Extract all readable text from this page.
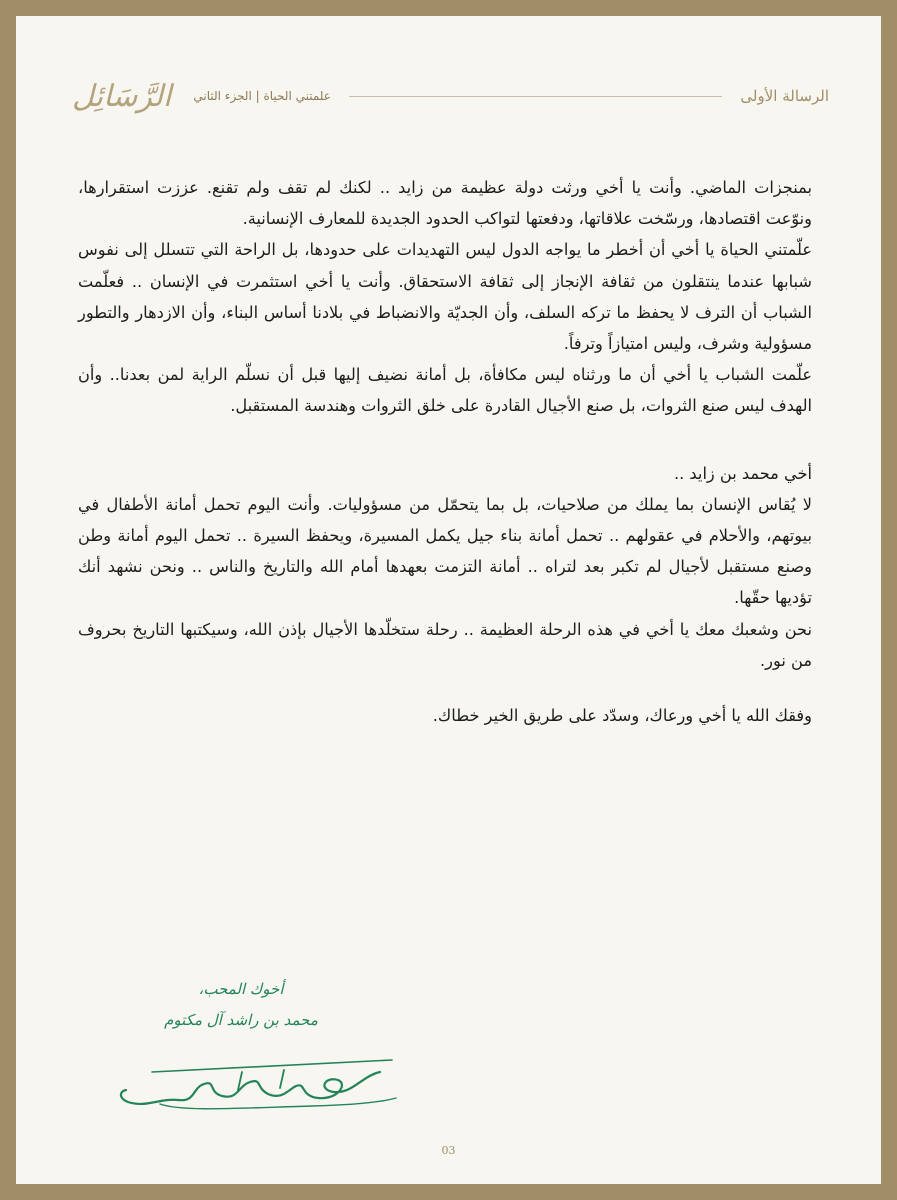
الرسالة الأولى
علمتني الحياة | الجزء الثاني
الرَّسَائِل

بمنجزات الماضي. وأنت يا أخي ورثت دولة عظيمة من زايد .. لكنك لم تقف ولم تقنع. عززت استقرارها، ونوّعت اقتصادها، ورسّخت علاقاتها، ودفعتها لتواكب الحدود الجديدة للمعارف الإنسانية.

علّمتني الحياة يا أخي أن أخطر ما يواجه الدول ليس التهديدات على حدودها، بل الراحة التي تتسلل إلى نفوس شبابها عندما ينتقلون من ثقافة الإنجاز إلى ثقافة الاستحقاق. وأنت يا أخي استثمرت في الإنسان .. فعلّمت الشباب أن الترف لا يحفظ ما تركه السلف، وأن الجديّة والانضباط في بلادنا أساس البناء، وأن الازدهار والتطور مسؤولية وشرف، وليس امتيازاً وترفاً.

علّمت الشباب يا أخي أن ما ورثناه ليس مكافأة، بل أمانة نضيف إليها قبل أن نسلّم الراية لمن بعدنا.. وأن الهدف ليس صنع الثروات، بل صنع الأجيال القادرة على خلق الثروات وهندسة المستقبل.

أخي محمد بن زايد ..

لا يُقاس الإنسان بما يملك من صلاحيات، بل بما يتحمّل من مسؤوليات. وأنت اليوم تحمل أمانة الأطفال في بيوتهم، والأحلام في عقولهم .. تحمل أمانة بناء جيل يكمل المسيرة، ويحفظ السيرة .. تحمل اليوم أمانة وطن وصنع مستقبل لأجيال لم تكبر بعد لتراه .. أمانة التزمت بعهدها أمام الله والتاريخ والناس .. ونحن نشهد أنك تؤديها حقّها.

نحن وشعبك معك يا أخي في هذه الرحلة العظيمة .. رحلة ستخلّدها الأجيال بإذن الله، وسيكتبها التاريخ بحروف من نور.

وفقك الله يا أخي ورعاك، وسدّد على طريق الخير خطاك.

أخوك المحب،
محمد بن راشد آل مكتوم
03
